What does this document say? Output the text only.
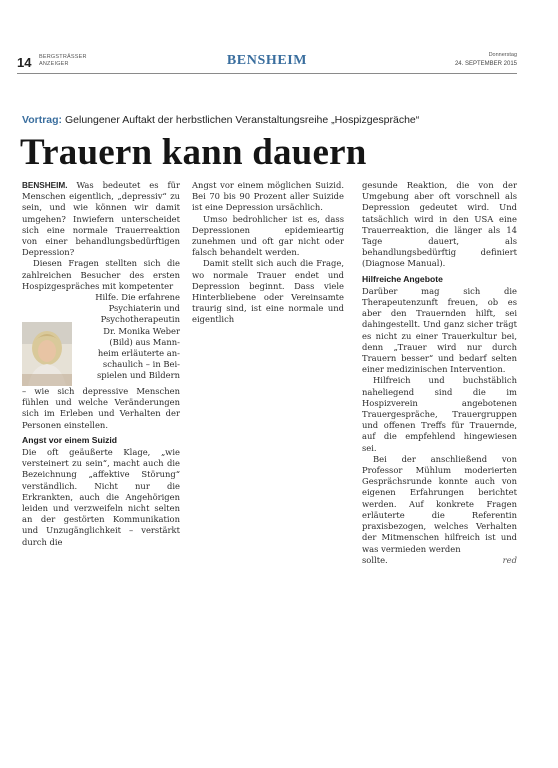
14 BERGSTRÄSSER
ANZEIGER	BENSHEIM	Donnerstag
24. SEPTEMBER 2015
Vortrag: Gelungener Auftakt der herbstlichen Veranstaltungsreihe „Hospizgespräche“
Trauern kann dauern

BENSHEIM. Was bedeutet es für Menschen eigentlich, „depressiv“ zu sein, und wie können wir damit umgehen? Inwiefern unterscheidet sich eine normale Trauerreaktion von einer behandlungsbedürftigen Depression?

Diesen Fragen stellten sich die zahlreichen Besucher des ersten Hospizgespräches mit kompetenter

Hilfe. Die erfahrene

Psychiaterin und

Psychotherapeutin

Dr. Monika Weber

(Bild) aus Mann-

heim erläuterte an-

schaulich – in Bei-

spielen und Bildern

– wie sich depressive Menschen fühlen und welche Veränderungen sich im Erleben und Verhalten der Personen einstellen.

Angst vor einem Suizid

Die oft geäußerte Klage, „wie versteinert zu sein“, macht auch die Bezeichnung „affektive Störung“ verständlich. Nicht nur die Erkrankten, auch die Angehörigen leiden und verzweifeln nicht selten an der gestörten Kommunikation und Unzugänglichkeit – verstärkt durch die

Angst vor einem möglichen Suizid. Bei 70 bis 90 Prozent aller Suizide ist eine Depression ursächlich.

Umso bedrohlicher ist es, dass Depressionen epidemieartig zunehmen und oft gar nicht oder falsch behandelt werden.

Damit stellt sich auch die Frage, wo normale Trauer endet und Depression beginnt. Dass viele Hinterbliebene oder Vereinsamte traurig sind, ist eine normale und eigentlich

gesunde Reaktion, die von der Umgebung aber oft vorschnell als Depression gedeutet wird. Und tatsächlich wird in den USA eine Trauerreaktion, die länger als 14 Tage dauert, als behandlungsbedürftig definiert (Diagnose Manual).

Hilfreiche Angebote

Darüber mag sich die Therapeutenzunft freuen, ob es aber den Trauernden hilft, sei dahingestellt. Und ganz sicher trägt es nicht zu einer Trauerkultur bei, denn „Trauer wird nur durch Trauern besser“ und bedarf selten einer medizinischen Intervention.

Hilfreich und buchstäblich naheliegend sind die im Hospizverein angebotenen Trauergespräche, Trauergruppen und offenen Treffs für Trauernde, auf die empfehlend hingewiesen sei.

Bei der anschließend von Professor Mühlum moderierten Gesprächsrunde konnte auch von eigenen Erfahrungen berichtet werden. Auf konkrete Fragen erläuterte die Referentin praxisbezogen, welches Verhalten der Mitmenschen hilfreich ist und was vermieden werden

sollte.	red
